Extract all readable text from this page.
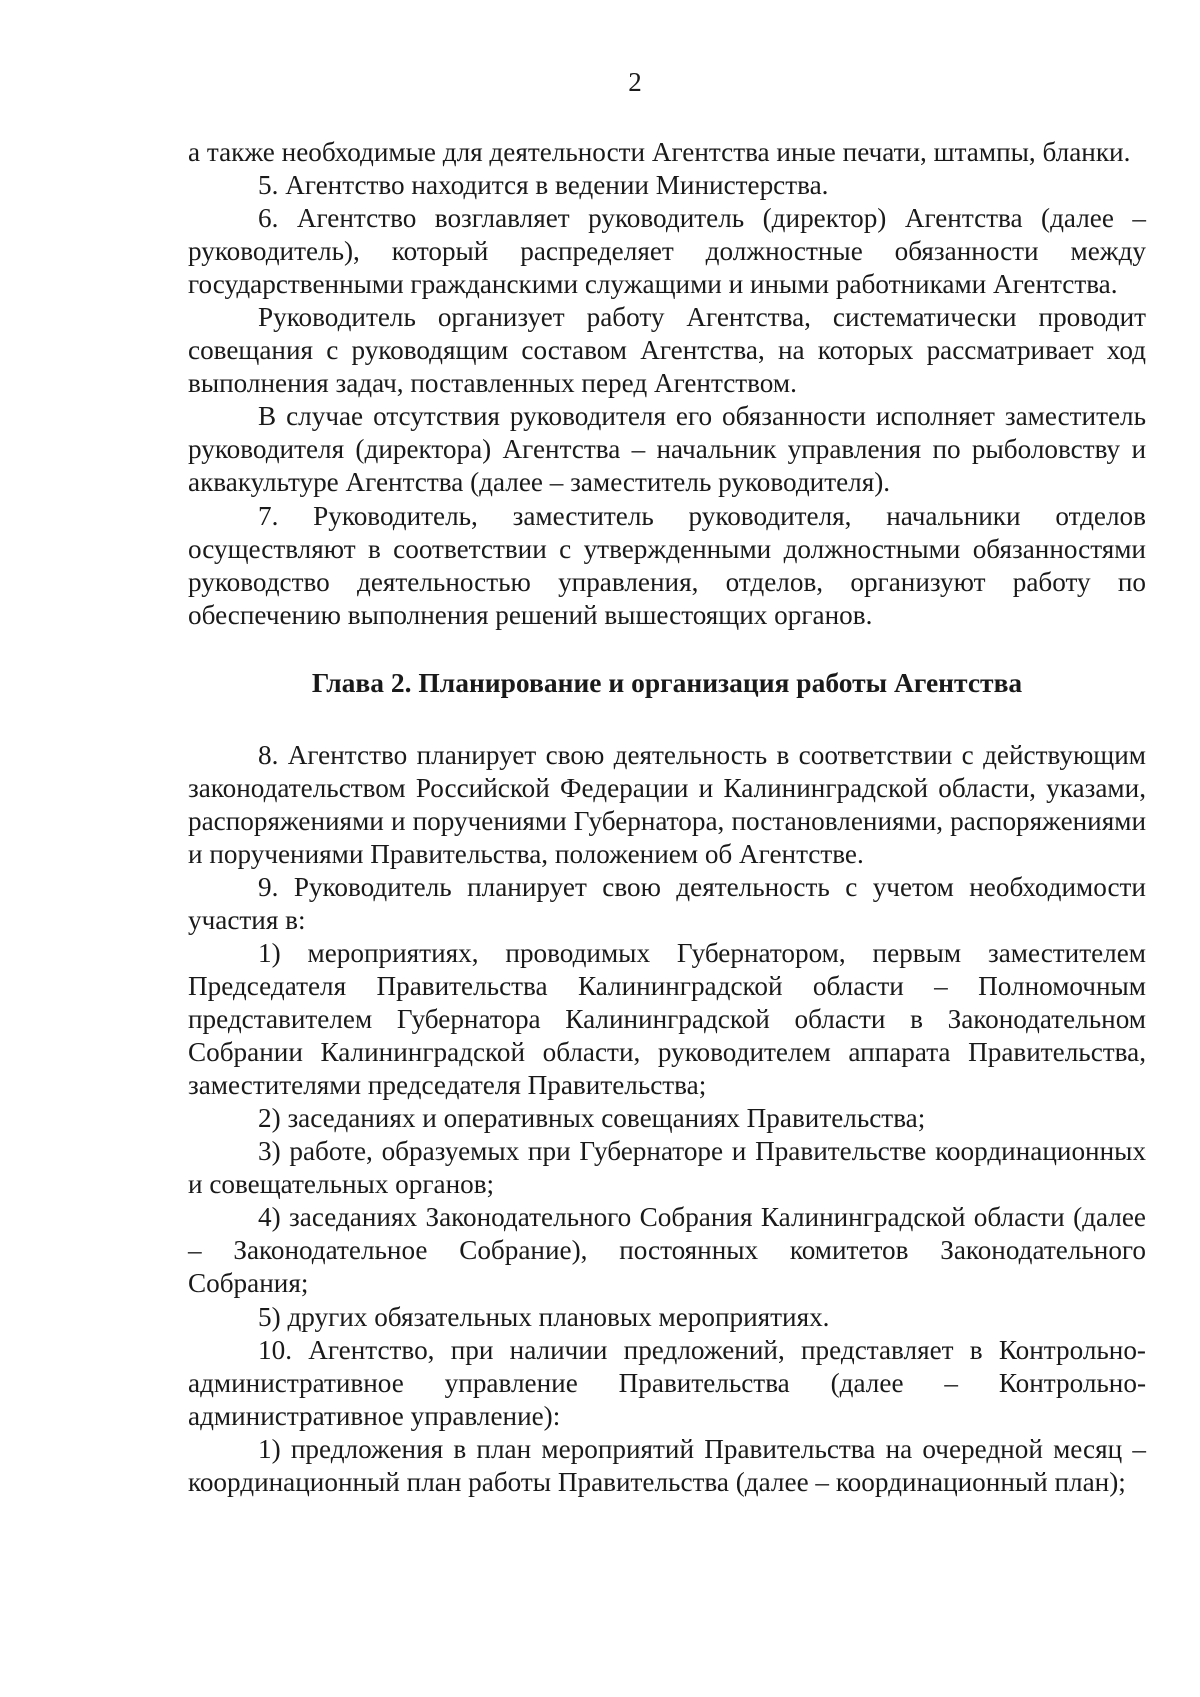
2

а также необходимые для деятельности Агентства иные печати, штампы, бланки.

5. Агентство находится в ведении Министерства.

6. Агентство возглавляет руководитель (директор) Агентства (далее – руководитель), который распределяет должностные обязанности между государственными гражданскими служащими и иными работниками Агентства.

Руководитель организует работу Агентства, систематически проводит совещания с руководящим составом Агентства, на которых рассматривает ход выполнения задач, поставленных перед Агентством.

В случае отсутствия руководителя его обязанности исполняет заместитель руководителя (директора) Агентства – начальник управления по рыболовству и аквакультуре Агентства (далее – заместитель руководителя).

7. Руководитель, заместитель руководителя, начальники отделов осуществляют в соответствии с утвержденными должностными обязанностями руководство деятельностью управления, отделов, организуют работу по обеспечению выполнения решений вышестоящих органов.

Глава 2. Планирование и организация работы Агентства

8. Агентство планирует свою деятельность в соответствии с действующим законодательством Российской Федерации и Калининградской области, указами, распоряжениями и поручениями Губернатора, постановлениями, распоряжениями и поручениями Правительства, положением об Агентстве.

9. Руководитель планирует свою деятельность с учетом необходимости участия в:

1) мероприятиях, проводимых Губернатором, первым заместителем Председателя Правительства Калининградской области – Полномочным представителем Губернатора Калининградской области в Законодательном Собрании Калининградской области, руководителем аппарата Правительства, заместителями председателя Правительства;

2) заседаниях и оперативных совещаниях Правительства;

3) работе, образуемых при Губернаторе и Правительстве координационных и совещательных органов;

4) заседаниях Законодательного Собрания Калининградской области (далее – Законодательное Собрание), постоянных комитетов Законодательного Собрания;

5) других обязательных плановых мероприятиях.

10. Агентство, при наличии предложений, представляет в Контрольно-административное управление Правительства (далее – Контрольно-административное управление):

1) предложения в план мероприятий Правительства на очередной месяц – координационный план работы Правительства (далее – координационный план);
